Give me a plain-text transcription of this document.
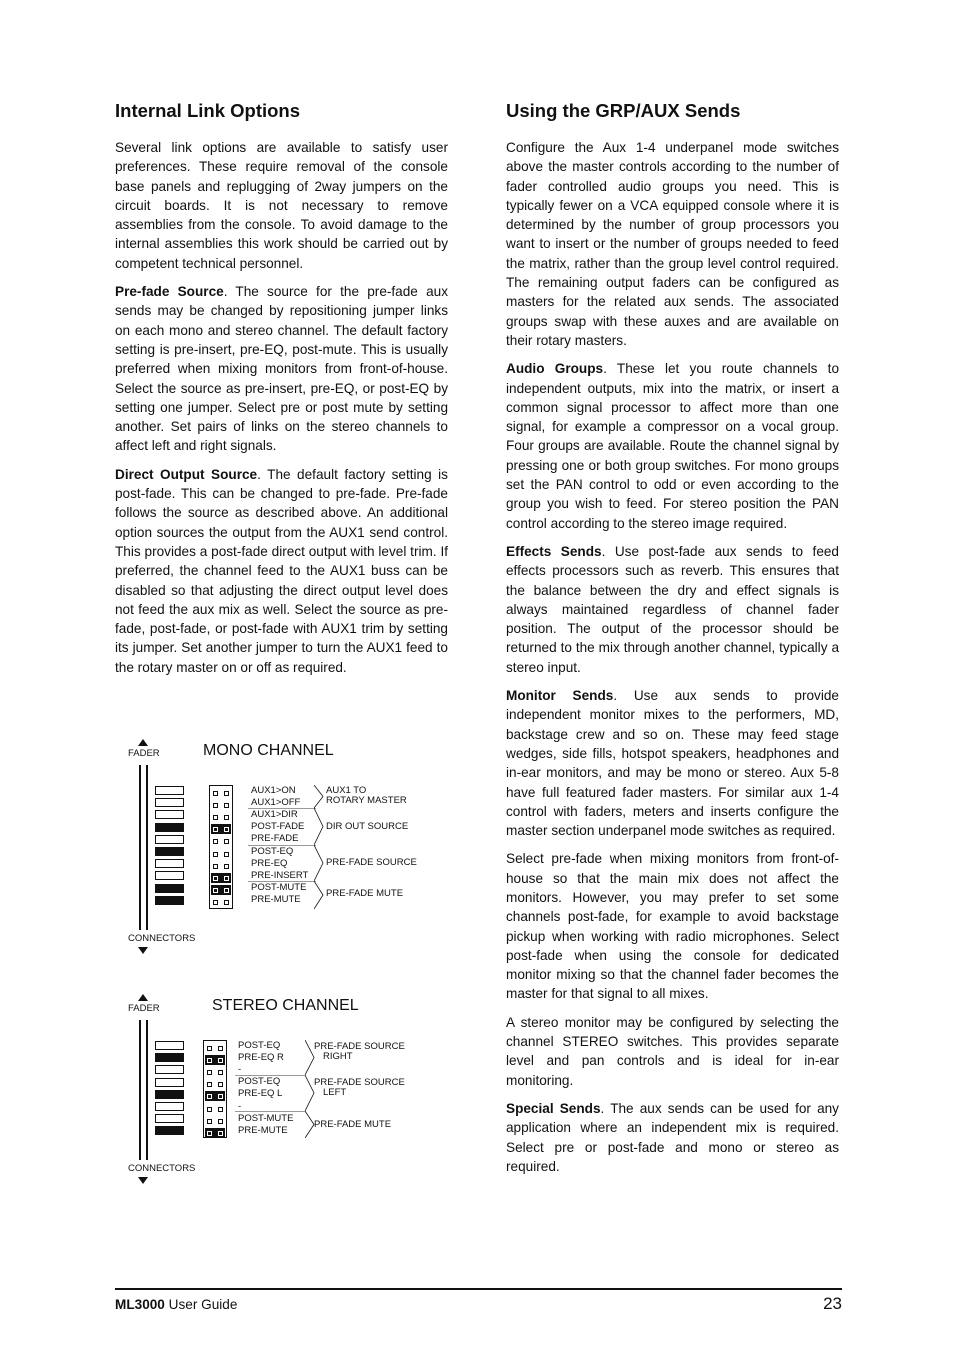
Internal Link Options

Several link options are available to satisfy user preferences. These require removal of the console base panels and replugging of 2way jumpers on the circuit boards. It is not necessary to remove assemblies from the console. To avoid damage to the internal assemblies this work should be carried out by competent technical personnel.

Pre-fade Source. The source for the pre-fade aux sends may be changed by repositioning jumper links on each mono and stereo channel. The default factory setting is pre-insert, pre-EQ, post-mute. This is usually preferred when mixing monitors from front-of-house. Select the source as pre-insert, pre-EQ, or post-EQ by setting one jumper. Select pre or post mute by setting another. Set pairs of links on the stereo channels to affect left and right signals.

Direct Output Source. The default factory setting is post-fade. This can be changed to pre-fade. Pre-fade follows the source as described above. An additional option sources the output from the AUX1 send control. This provides a post-fade direct output with level trim. If preferred, the channel feed to the AUX1 buss can be disabled so that adjusting the direct output level does not feed the aux mix as well. Select the source as pre-fade, post-fade, or post-fade with AUX1 trim by setting its jumper. Set another jumper to turn the AUX1 feed to the rotary master on or off as required.

FADER	MONO CHANNEL
AUX1>ON
AUX1>OFF
AUX1>DIR
POST-FADE
PRE-FADE
POST-EQ
PRE-EQ
PRE-INSERT
POST-MUTE
PRE-MUTE
AUX1 TO
ROTARY MASTER
DIR OUT SOURCE
PRE-FADE SOURCE
PRE-FADE MUTE
CONNECTORS
FADER	STEREO CHANNEL
POST-EQ
PRE-EQ R
-
POST-EQ
PRE-EQ L
-
POST-MUTE
PRE-MUTE
PRE-FADE SOURCE
RIGHT
PRE-FADE SOURCE
LEFT
PRE-FADE MUTE
CONNECTORS
Using the GRP/AUX Sends

Configure the Aux 1-4 underpanel mode switches above the master controls according to the number of fader controlled audio groups you need. This is typically fewer on a VCA equipped console where it is determined by the number of group processors you want to insert or the number of groups needed to feed the matrix, rather than the group level control required. The remaining output faders can be configured as masters for the related aux sends. The associated groups swap with these auxes and are available on their rotary masters.

Audio Groups. These let you route channels to independent outputs, mix into the matrix, or insert a common signal processor to affect more than one signal, for example a compressor on a vocal group. Four groups are available. Route the channel signal by pressing one or both group switches. For mono groups set the PAN control to odd or even according to the group you wish to feed. For stereo position the PAN control according to the stereo image required.

Effects Sends. Use post-fade aux sends to feed effects processors such as reverb. This ensures that the balance between the dry and effect signals is always maintained regardless of channel fader position. The output of the processor should be returned to the mix through another channel, typically a stereo input.

Monitor Sends. Use aux sends to provide independent monitor mixes to the performers, MD, backstage crew and so on. These may feed stage wedges, side fills, hotspot speakers, headphones and in-ear monitors, and may be mono or stereo. Aux 5-8 have full featured fader masters. For similar aux 1-4 control with faders, meters and inserts configure the master section underpanel mode switches as required.

Select pre-fade when mixing monitors from front-of-house so that the main mix does not affect the monitors. However, you may prefer to set some channels post-fade, for example to avoid backstage pickup when working with radio microphones. Select post-fade when using the console for dedicated monitor mixing so that the channel fader becomes the master for that signal to all mixes.

A stereo monitor may be configured by selecting the channel STEREO switches. This provides separate level and pan controls and is ideal for in-ear monitoring.

Special Sends. The aux sends can be used for any application where an independent mix is required. Select pre or post-fade and mono or stereo as required.

ML3000 User Guide	23
